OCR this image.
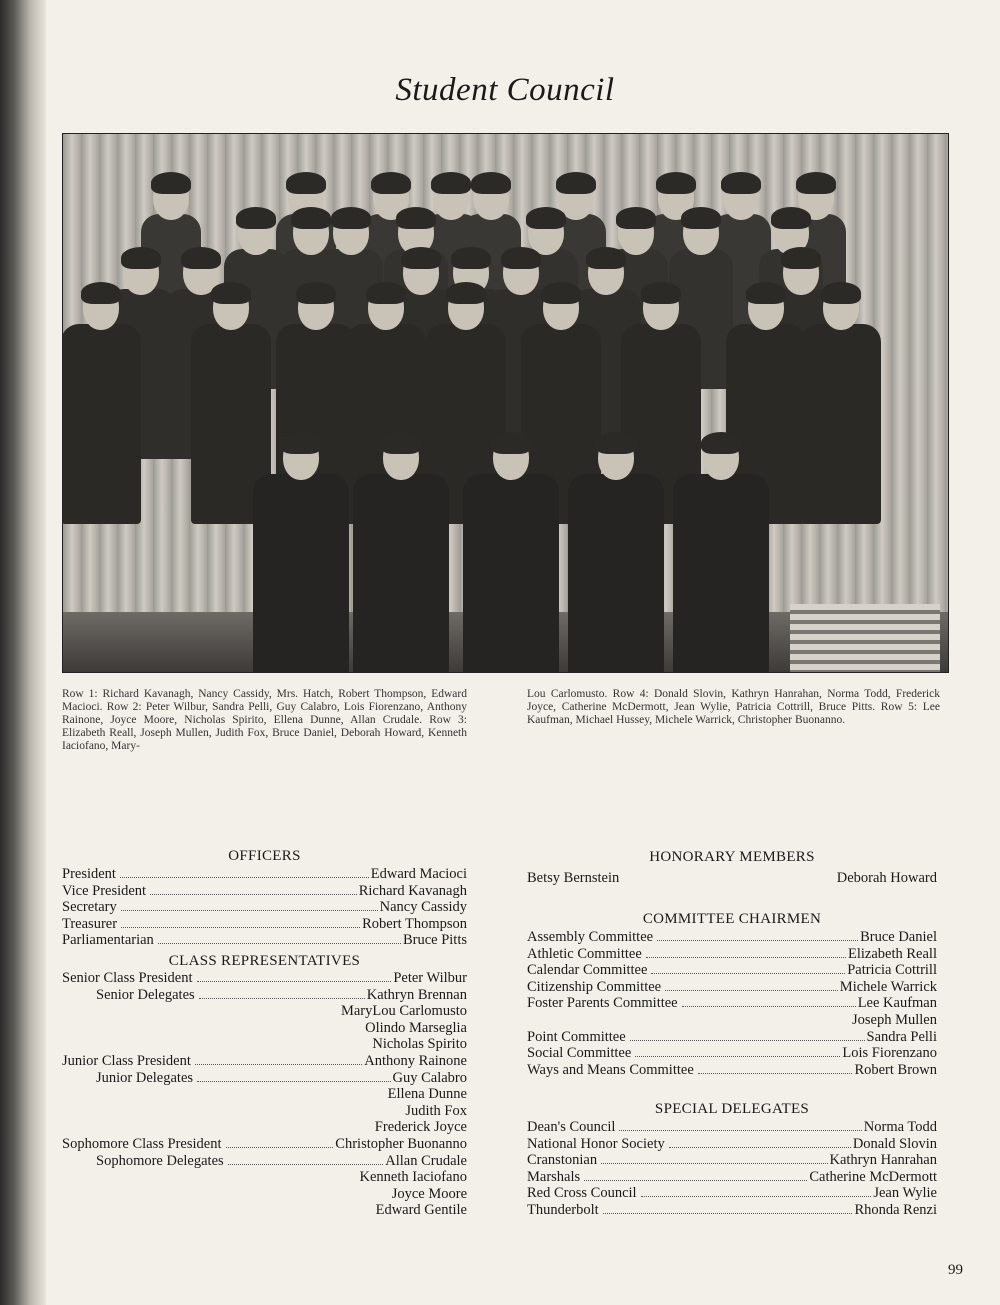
Student Council
Row 1: Richard Kavanagh, Nancy Cassidy, Mrs. Hatch, Robert Thompson, Edward Macioci. Row 2: Peter Wilbur, Sandra Pelli, Guy Calabro, Lois Fiorenzano, Anthony Rainone, Joyce Moore, Nicholas Spirito, Ellena Dunne, Allan Crudale. Row 3: Elizabeth Reall, Joseph Mullen, Judith Fox, Bruce Daniel, Deborah Howard, Kenneth Iaciofano, Mary-
Lou Carlomusto. Row 4: Donald Slovin, Kathryn Hanrahan, Norma Todd, Frederick Joyce, Catherine McDermott, Jean Wylie, Patricia Cottrill, Bruce Pitts. Row 5: Lee Kaufman, Michael Hussey, Michele Warrick, Christopher Buonanno.
OFFICERS
President	Edward Macioci
Vice President	Richard Kavanagh
Secretary	Nancy Cassidy
Treasurer	Robert Thompson
Parliamentarian	Bruce Pitts
CLASS REPRESENTATIVES
Senior Class President	Peter Wilbur
Senior Delegates	Kathryn Brennan
MaryLou Carlomusto
Olindo Marseglia
Nicholas Spirito
Junior Class President	Anthony Rainone
Junior Delegates	Guy Calabro
Ellena Dunne
Judith Fox
Frederick Joyce
Sophomore Class President	Christopher Buonanno
Sophomore Delegates	Allan Crudale
Kenneth Iaciofano
Joyce Moore
Edward Gentile
HONORARY MEMBERS
Betsy Bernstein	Deborah Howard
COMMITTEE CHAIRMEN
Assembly Committee	Bruce Daniel
Athletic Committee	Elizabeth Reall
Calendar Committee	Patricia Cottrill
Citizenship Committee	Michele Warrick
Foster Parents Committee	Lee Kaufman
Joseph Mullen
Point Committee	Sandra Pelli
Social Committee	Lois Fiorenzano
Ways and Means Committee	Robert Brown
SPECIAL DELEGATES
Dean's Council	Norma Todd
National Honor Society	Donald Slovin
Cranstonian	Kathryn Hanrahan
Marshals	Catherine McDermott
Red Cross Council	Jean Wylie
Thunderbolt	Rhonda Renzi
99
